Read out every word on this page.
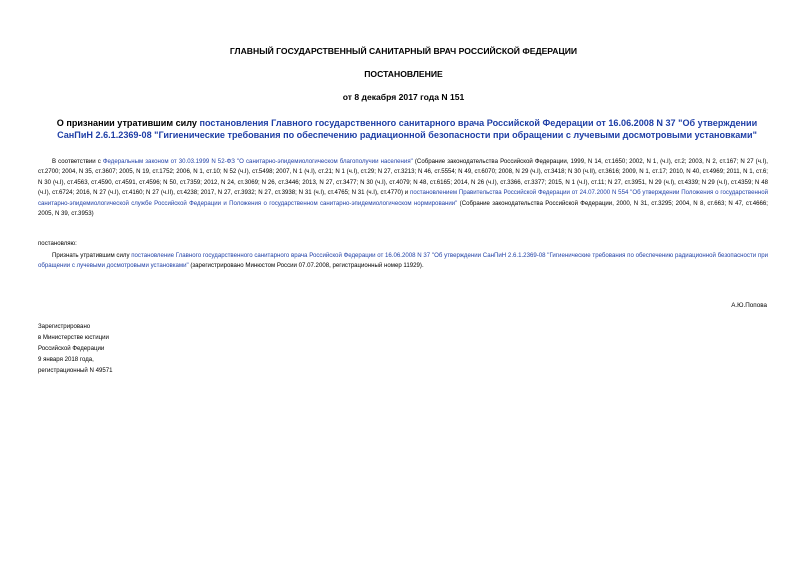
ГЛАВНЫЙ ГОСУДАРСТВЕННЫЙ САНИТАРНЫЙ ВРАЧ РОССИЙСКОЙ ФЕДЕРАЦИИ
ПОСТАНОВЛЕНИЕ
от 8 декабря 2017 года N 151
О признании утратившим силу постановления Главного государственного санитарного врача Российской Федерации от 16.06.2008 N 37 "Об утверждении СанПиН 2.6.1.2369-08 "Гигиенические требования по обеспечению радиационной безопасности при обращении с лучевыми досмотровыми установками"
В соответствии с Федеральным законом от 30.03.1999 N 52-ФЗ "О санитарно-эпидемиологическом благополучии населения" (Собрание законодательства Российской Федерации, 1999, N 14, ст.1650; 2002, N 1, (ч.I), ст.2; 2003, N 2, ст.167; N 27 (ч.I), ст.2700; 2004, N 35, ст.3607; 2005, N 19, ст.1752; 2006, N 1, ст.10; N 52 (ч.I), ст.5498; 2007, N 1 (ч.I), ст.21; N 1 (ч.I), ст.29; N 27, ст.3213; N 46, ст.5554; N 49, ст.6070; 2008, N 29 (ч.I), ст.3418; N 30 (ч.II), ст.3616; 2009, N 1, ст.17; 2010, N 40, ст.4969; 2011, N 1, ст.6; N 30 (ч.I), ст.4563, ст.4590, ст.4591, ст.4596; N 50, ст.7359; 2012, N 24, ст.3069; N 26, ст.3446; 2013, N 27, ст.3477; N 30 (ч.I), ст.4079; N 48, ст.6165; 2014, N 26 (ч.I), ст.3366, ст.3377; 2015, N 1 (ч.I), ст.11; N 27, ст.3951, N 29 (ч.I), ст.4339; N 29 (ч.I), ст.4359; N 48 (ч.I), ст.6724; 2016, N 27 (ч.I), ст.4160; N 27 (ч.II), ст.4238; 2017, N 27, ст.3932; N 27, ст.3938; N 31 (ч.I), ст.4765; N 31 (ч.I), ст.4770) и постановлением Правительства Российской Федерации от 24.07.2000 N 554 "Об утверждении Положения о государственной санитарно-эпидемиологической службе Российской Федерации и Положения о государственном санитарно-эпидемиологическом нормировании" (Собрание законодательства Российской Федерации, 2000, N 31, ст.3295; 2004, N 8, ст.663; N 47, ст.4666; 2005, N 39, ст.3953)
постановляю:
Признать утратившим силу постановление Главного государственного санитарного врача Российской Федерации от 16.06.2008 N 37 "Об утверждении СанПиН 2.6.1.2369-08 "Гигиенические требования по обеспечению радиационной безопасности при обращении с лучевыми досмотровыми установками" (зарегистрировано Минюстом России 07.07.2008, регистрационный номер 11929).
А.Ю.Попова
Зарегистрировано
в Министерстве юстиции
Российской Федерации
9 января 2018 года,
регистрационный N 49571
